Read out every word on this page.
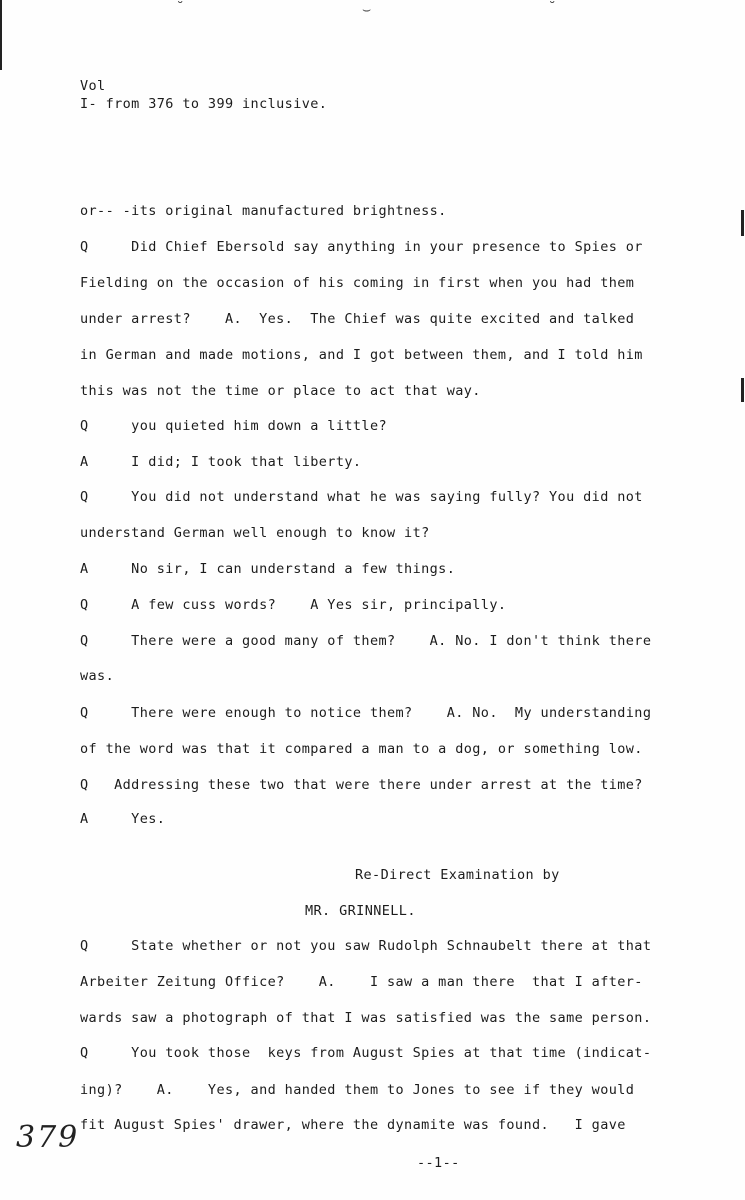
˘	⌣	˘
Vol
I- from 376 to 399 inclusive.
or-- -its original manufactured brightness.
Q     Did Chief Ebersold say anything in your presence to Spies or
Fielding on the occasion of his coming in first when you had them
under arrest?    A.  Yes.  The Chief was quite excited and talked
in German and made motions, and I got between them, and I told him
this was not the time or place to act that way.
Q     you quieted him down a little?
A     I did; I took that liberty.
Q     You did not understand what he was saying fully? You did not
understand German well enough to know it?
A     No sir, I can understand a few things.
Q     A few cuss words?    A Yes sir, principally.
Q     There were a good many of them?    A. No. I don't think there
was.
Q     There were enough to notice them?    A. No.  My understanding
of the word was that it compared a man to a dog, or something low.
Q   Addressing these two that were there under arrest at the time?
A     Yes.
Re-Direct Examination by
MR. GRINNELL.
Q     State whether or not you saw Rudolph Schnaubelt there at that
Arbeiter Zeitung Office?    A.    I saw a man there  that I after-
wards saw a photograph of that I was satisfied was the same person.
Q     You took those  keys from August Spies at that time (indicat-
ing)?    A.    Yes, and handed them to Jones to see if they would
fit August Spies' drawer, where the dynamite was found.   I gave
379
--1--
